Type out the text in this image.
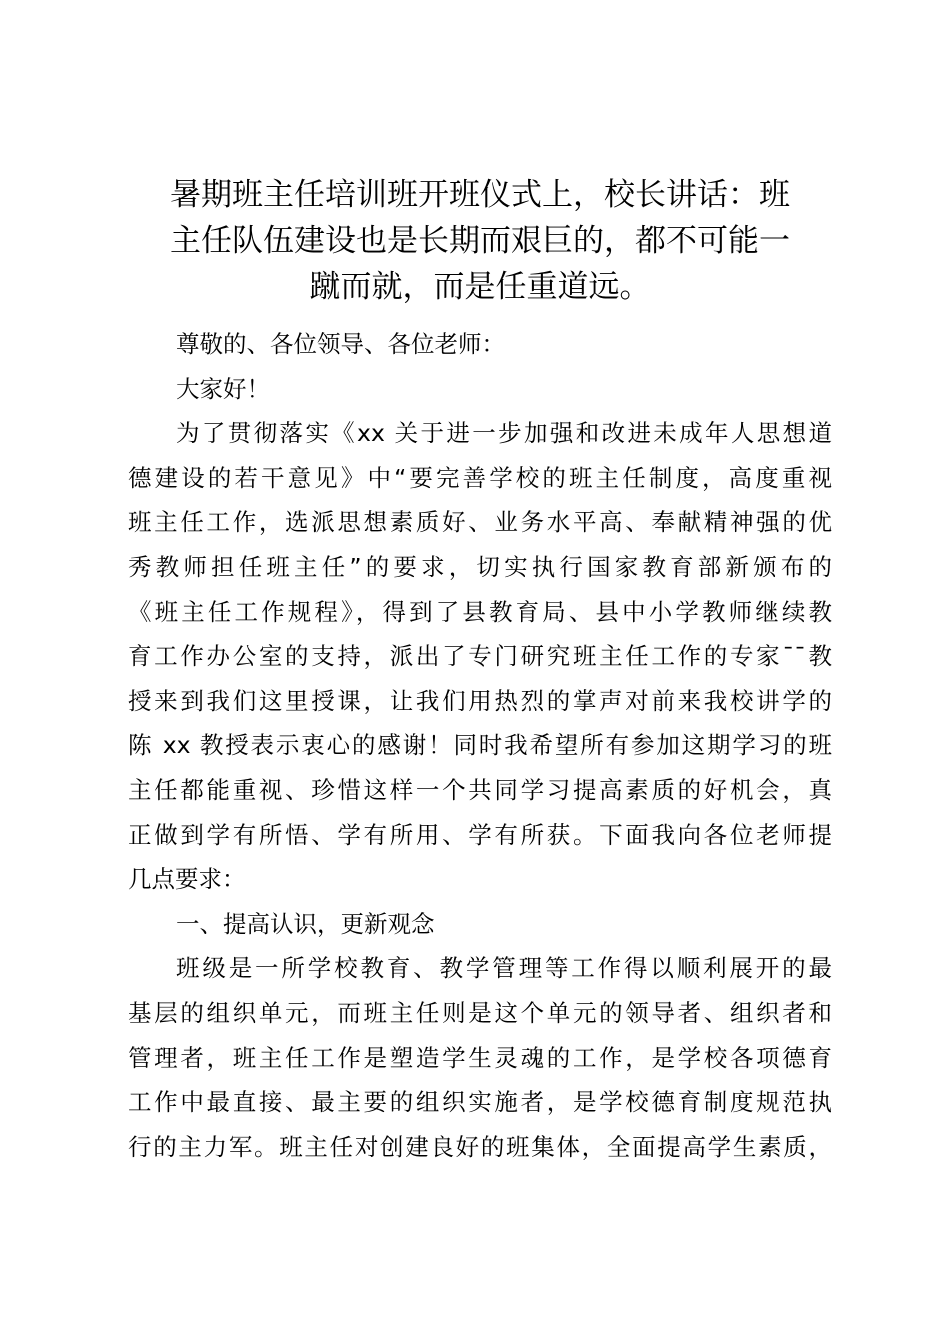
暑期班主任培训班开班仪式上，校长讲话：班
主任队伍建设也是长期而艰巨的，都不可能一
蹴而就，而是任重道远。
尊敬的、各位领导、各位老师：
大家好！
为了贯彻落实《xx 关于进一步加强和改进未成年人思想道
德建设的若干意见》中“要完善学校的班主任制度，高度重视
班主任工作，选派思想素质好、业务水平高、奉献精神强的优
秀教师担任班主任”的要求，切实执行国家教育部新颁布的
《班主任工作规程》，得到了县教育局、县中小学教师继续教
育工作办公室的支持，派出了专门研究班主任工作的专家¯¯教
授来到我们这里授课，让我们用热烈的掌声对前来我校讲学的
陈 xx 教授表示衷心的感谢！同时我希望所有参加这期学习的班
主任都能重视、珍惜这样一个共同学习提高素质的好机会，真
正做到学有所悟、学有所用、学有所获。下面我向各位老师提
几点要求：
一、提高认识，更新观念
班级是一所学校教育、教学管理等工作得以顺利展开的最
基层的组织单元，而班主任则是这个单元的领导者、组织者和
管理者，班主任工作是塑造学生灵魂的工作，是学校各项德育
工作中最直接、最主要的组织实施者，是学校德育制度规范执
行的主力军。班主任对创建良好的班集体，全面提高学生素质，
